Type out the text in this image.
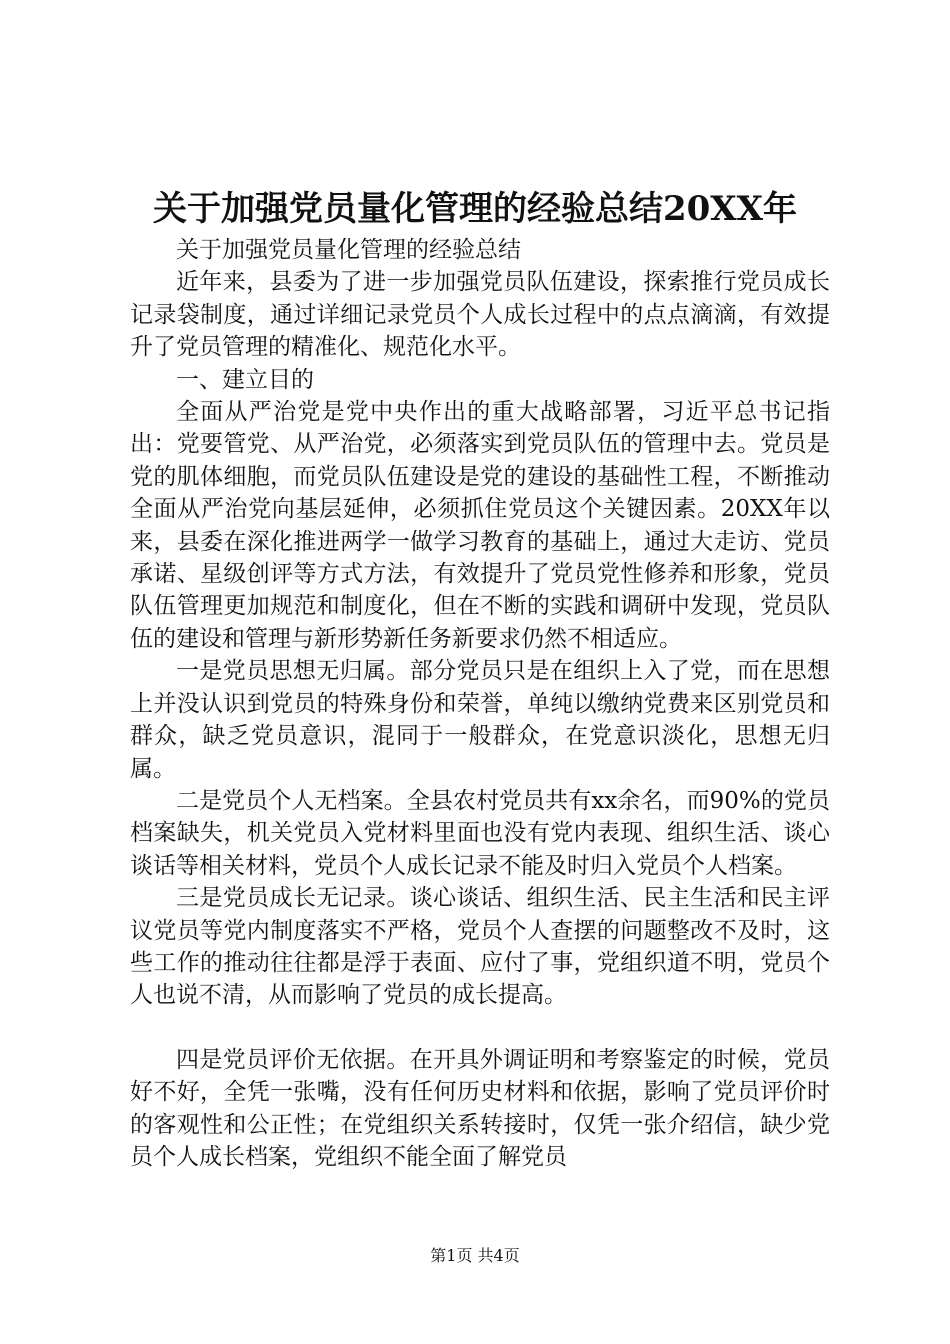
关于加强党员量化管理的经验总结20XX年

关于加强党员量化管理的经验总结

近年来，县委为了进一步加强党员队伍建设，探索推行党员成长记录袋制度，通过详细记录党员个人成长过程中的点点滴滴，有效提升了党员管理的精准化、规范化水平。

一、建立目的

全面从严治党是党中央作出的重大战略部署，习近平总书记指出：党要管党、从严治党，必须落实到党员队伍的管理中去。党员是党的肌体细胞，而党员队伍建设是党的建设的基础性工程，不断推动全面从严治党向基层延伸，必须抓住党员这个关键因素。20XX年以来，县委在深化推进两学一做学习教育的基础上，通过大走访、党员承诺、星级创评等方式方法，有效提升了党员党性修养和形象，党员队伍管理更加规范和制度化，但在不断的实践和调研中发现，党员队伍的建设和管理与新形势新任务新要求仍然不相适应。

一是党员思想无归属。部分党员只是在组织上入了党，而在思想上并没认识到党员的特殊身份和荣誉，单纯以缴纳党费来区别党员和群众，缺乏党员意识，混同于一般群众，在党意识淡化，思想无归属。

二是党员个人无档案。全县农村党员共有xx余名，而90%的党员档案缺失，机关党员入党材料里面也没有党内表现、组织生活、谈心谈话等相关材料，党员个人成长记录不能及时归入党员个人档案。

三是党员成长无记录。谈心谈话、组织生活、民主生活和民主评议党员等党内制度落实不严格，党员个人查摆的问题整改不及时，这些工作的推动往往都是浮于表面、应付了事，党组织道不明，党员个人也说不清，从而影响了党员的成长提高。

四是党员评价无依据。在开具外调证明和考察鉴定的时候，党员好不好，全凭一张嘴，没有任何历史材料和依据，影响了党员评价时的客观性和公正性；在党组织关系转接时，仅凭一张介绍信，缺少党员个人成长档案，党组织不能全面了解党员

第1页 共4页
